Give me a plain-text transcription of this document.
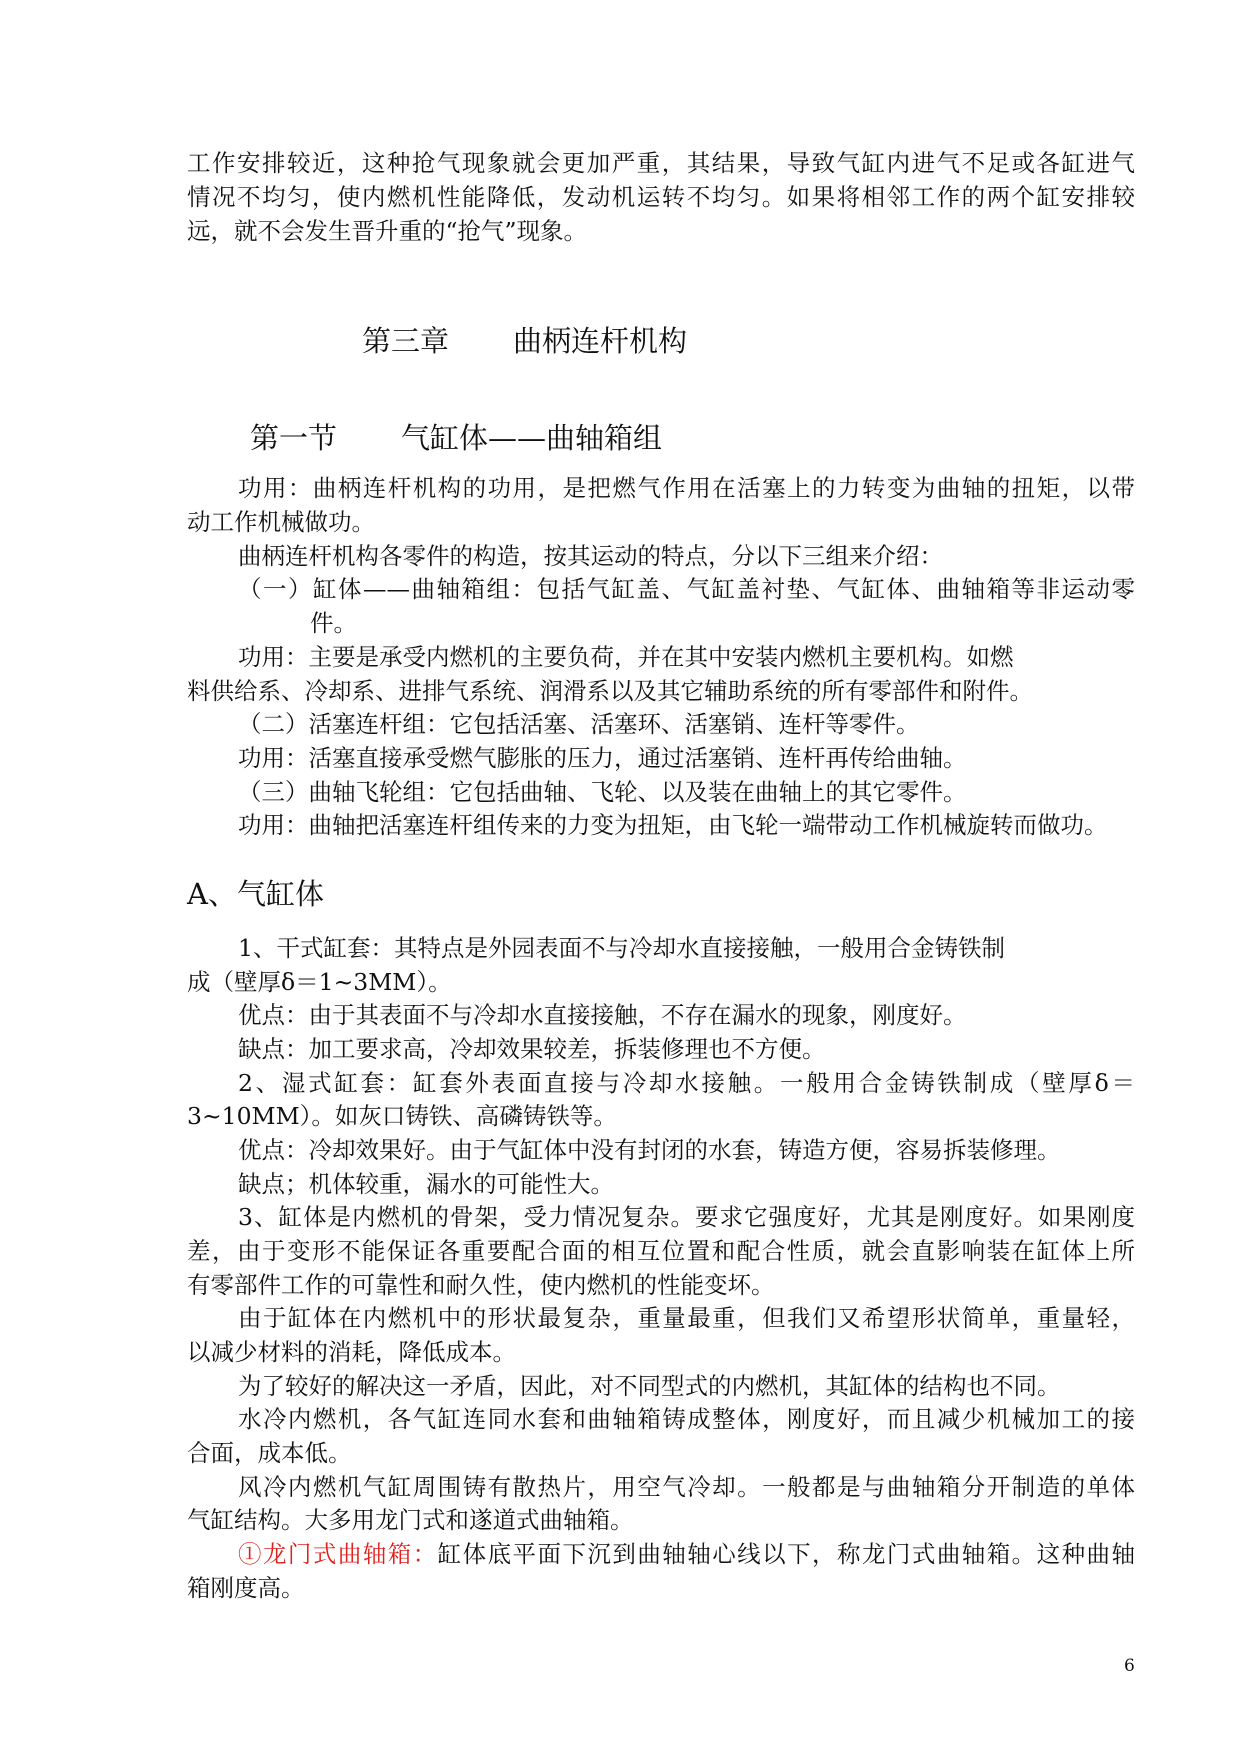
工作安排较近，这种抢气现象就会更加严重，其结果，导致气缸内进气不足或各缸进气

情况不均匀，使内燃机性能降低，发动机运转不均匀。如果将相邻工作的两个缸安排较

远，就不会发生晋升重的“抢气”现象。

第三章 曲柄连杆机构
第一节 气缸体——曲轴箱组

功用：曲柄连杆机构的功用，是把燃气作用在活塞上的力转变为曲轴的扭矩，以带

动工作机械做功。

曲柄连杆机构各零件的构造，按其运动的特点，分以下三组来介绍：

（一）缸体——曲轴箱组：包括气缸盖、气缸盖衬垫、气缸体、曲轴箱等非运动零

件。

功用：主要是承受内燃机的主要负荷，并在其中安装内燃机主要机构。如燃

料供给系、冷却系、进排气系统、润滑系以及其它辅助系统的所有零部件和附件。

（二）活塞连杆组：它包括活塞、活塞环、活塞销、连杆等零件。

功用：活塞直接承受燃气膨胀的压力，通过活塞销、连杆再传给曲轴。

（三）曲轴飞轮组：它包括曲轴、飞轮、以及装在曲轴上的其它零件。

功用：曲轴把活塞连杆组传来的力变为扭矩，由飞轮一端带动工作机械旋转而做功。

A、气缸体

1、干式缸套：其特点是外园表面不与冷却水直接接触，一般用合金铸铁制

成（壁厚δ＝1~3MM）。

优点：由于其表面不与冷却水直接接触，不存在漏水的现象，刚度好。

缺点：加工要求高，冷却效果较差，拆装修理也不方便。

2、湿式缸套：缸套外表面直接与冷却水接触。一般用合金铸铁制成（壁厚δ＝

3~10MM）。如灰口铸铁、高磷铸铁等。

优点：冷却效果好。由于气缸体中没有封闭的水套，铸造方便，容易拆装修理。

缺点；机体较重，漏水的可能性大。

3、缸体是内燃机的骨架，受力情况复杂。要求它强度好，尤其是刚度好。如果刚度

差，由于变形不能保证各重要配合面的相互位置和配合性质，就会直影响装在缸体上所

有零部件工作的可靠性和耐久性，使内燃机的性能变坏。

由于缸体在内燃机中的形状最复杂，重量最重，但我们又希望形状简单，重量轻，

以减少材料的消耗，降低成本。

为了较好的解决这一矛盾，因此，对不同型式的内燃机，其缸体的结构也不同。

水冷内燃机，各气缸连同水套和曲轴箱铸成整体，刚度好，而且减少机械加工的接

合面，成本低。

风冷内燃机气缸周围铸有散热片，用空气冷却。一般都是与曲轴箱分开制造的单体

气缸结构。大多用龙门式和遂道式曲轴箱。

①龙门式曲轴箱：缸体底平面下沉到曲轴轴心线以下，称龙门式曲轴箱。这种曲轴

箱刚度高。

6
